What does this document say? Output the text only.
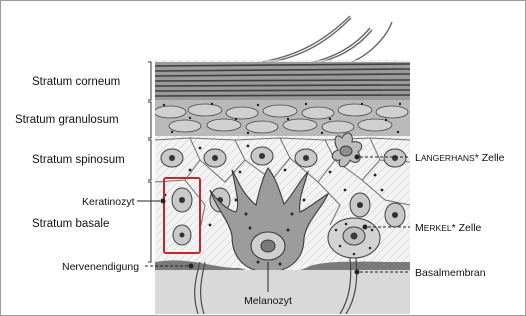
Stratum corneum
Stratum granulosum
Stratum spinosum
Stratum basale
Keratinozyt
Nervenendigung
Melanozyt
LANGERHANS* Zelle
MERKEL* Zelle
Basalmembran
